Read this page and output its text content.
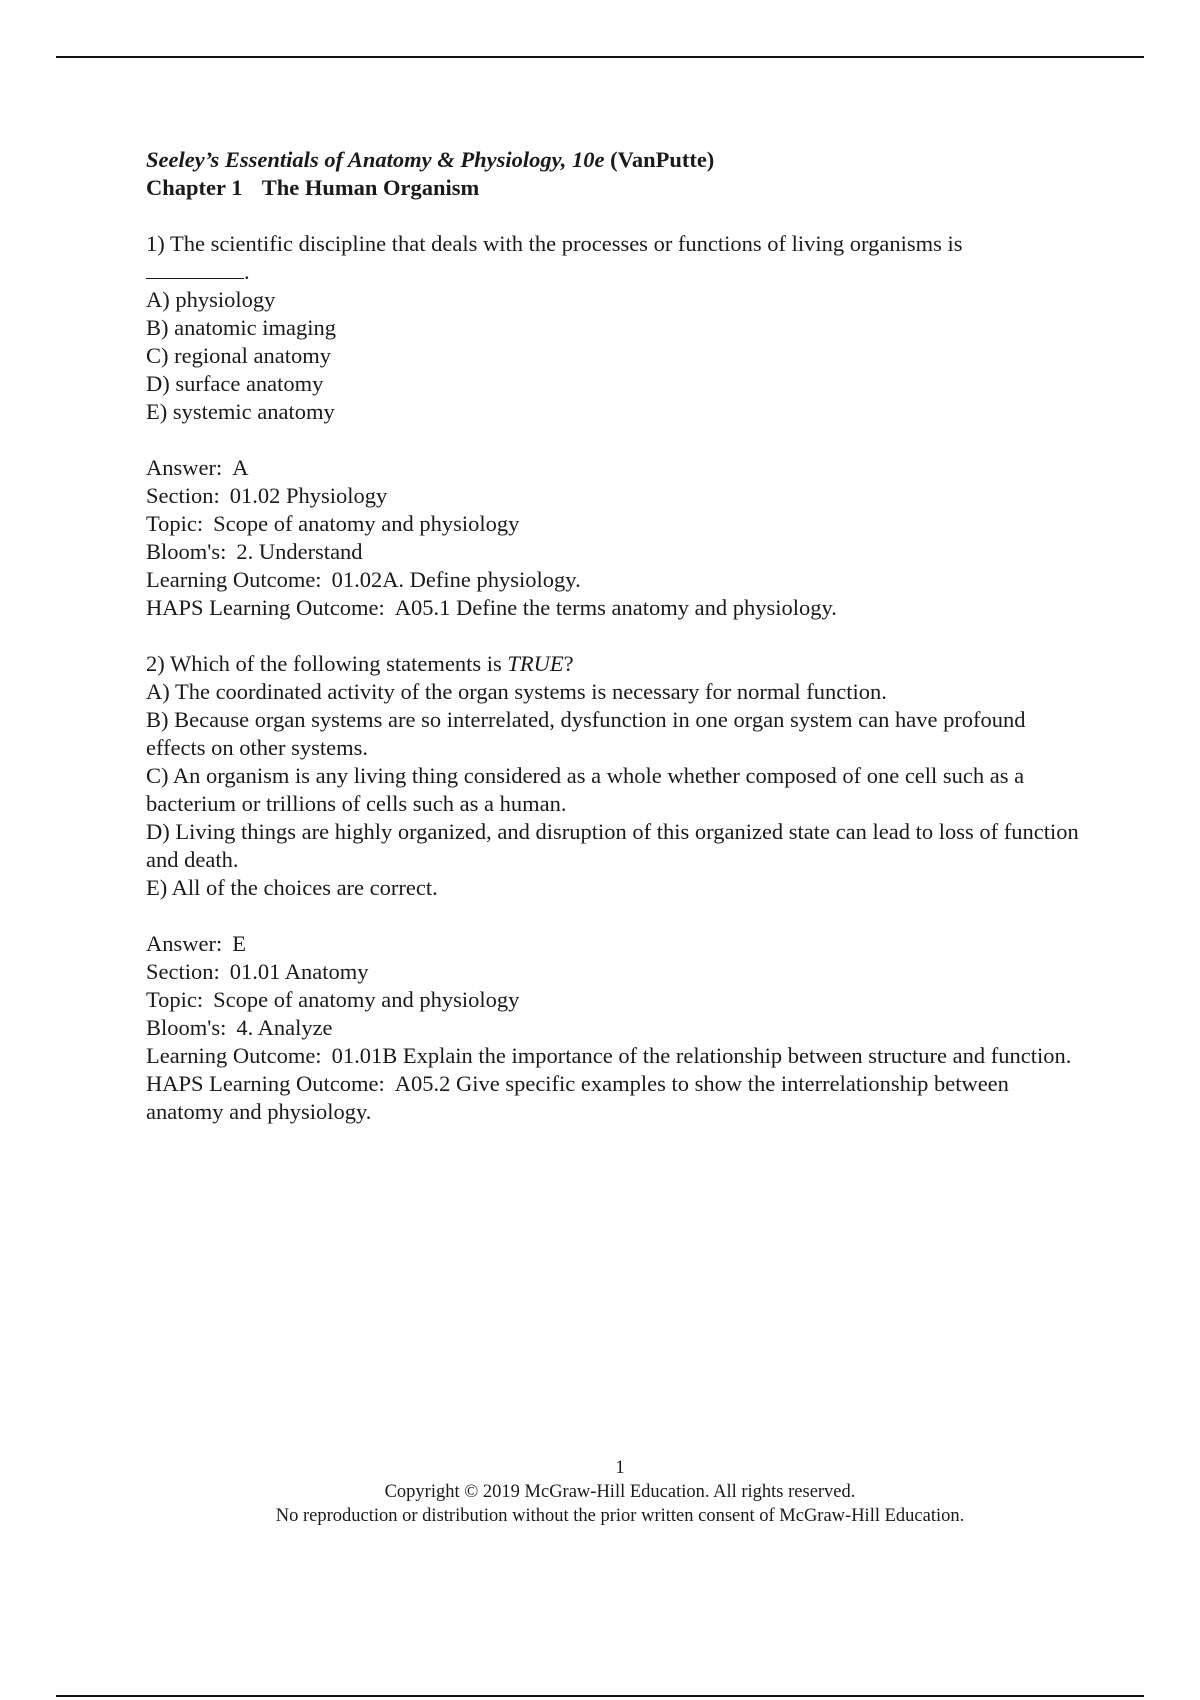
Seeley’s Essentials of Anatomy & Physiology, 10e (VanPutte)
Chapter 1 The Human Organism
1) The scientific discipline that deals with the processes or functions of living organisms is
.
A) physiology
B) anatomic imaging
C) regional anatomy
D) surface anatomy
E) systemic anatomy
Answer: A
Section: 01.02 Physiology
Topic: Scope of anatomy and physiology
Bloom's: 2. Understand
Learning Outcome: 01.02A. Define physiology.
HAPS Learning Outcome: A05.1 Define the terms anatomy and physiology.
2) Which of the following statements is TRUE?
A) The coordinated activity of the organ systems is necessary for normal function.
B) Because organ systems are so interrelated, dysfunction in one organ system can have profound effects on other systems.
C) An organism is any living thing considered as a whole whether composed of one cell such as a bacterium or trillions of cells such as a human.
D) Living things are highly organized, and disruption of this organized state can lead to loss of function and death.
E) All of the choices are correct.
Answer: E
Section: 01.01 Anatomy
Topic: Scope of anatomy and physiology
Bloom's: 4. Analyze
Learning Outcome: 01.01B Explain the importance of the relationship between structure and function.
HAPS Learning Outcome: A05.2 Give specific examples to show the interrelationship between anatomy and physiology.
1
Copyright © 2019 McGraw-Hill Education. All rights reserved.
No reproduction or distribution without the prior written consent of McGraw-Hill Education.
